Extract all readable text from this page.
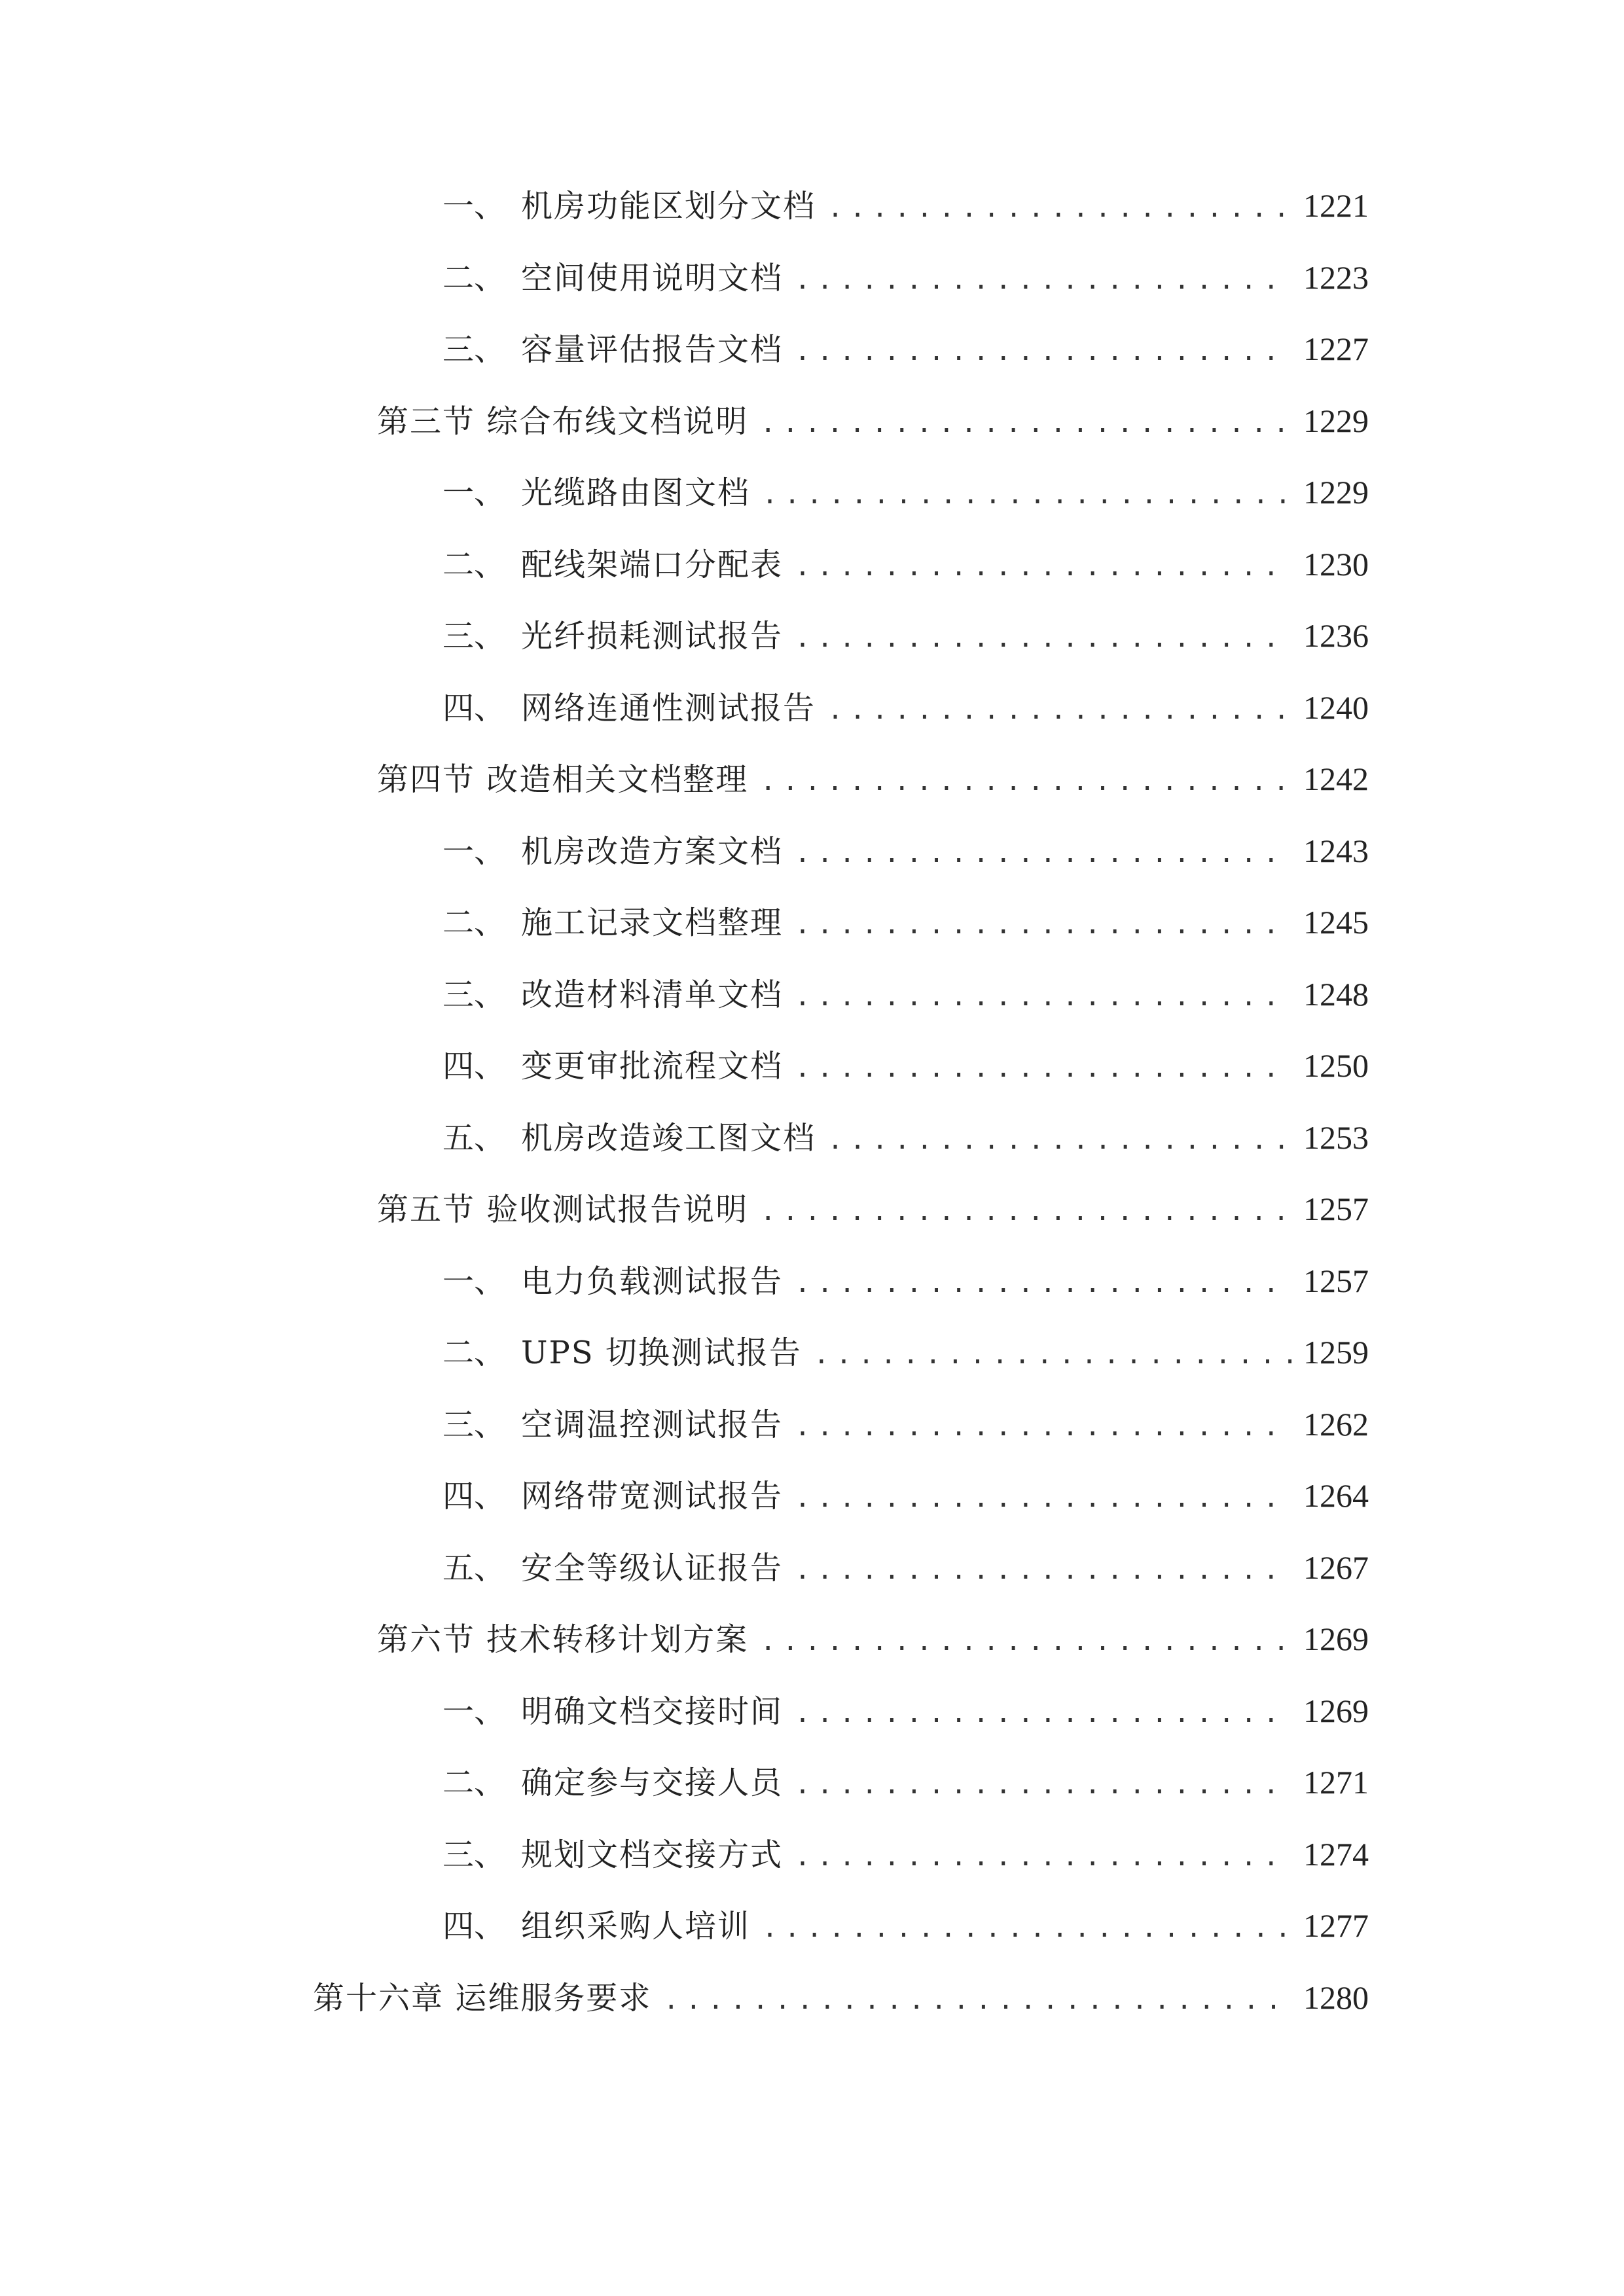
一、 机房功能区划分文档 .....	1221
二、 空间使用说明文档 .....	1223
三、 容量评估报告文档 .....	1227
第三节 综合布线文档说明 .....	1229
一、 光缆路由图文档 .....	1229
二、 配线架端口分配表 .....	1230
三、 光纤损耗测试报告 .....	1236
四、 网络连通性测试报告 .....	1240
第四节 改造相关文档整理 .....	1242
一、 机房改造方案文档 .....	1243
二、 施工记录文档整理 .....	1245
三、 改造材料清单文档 .....	1248
四、 变更审批流程文档 .....	1250
五、 机房改造竣工图文档 .....	1253
第五节 验收测试报告说明 .....	1257
一、 电力负载测试报告 .....	1257
二、 UPS 切换测试报告 .....	1259
三、 空调温控测试报告 .....	1262
四、 网络带宽测试报告 .....	1264
五、 安全等级认证报告 .....	1267
第六节 技术转移计划方案 .....	1269
一、 明确文档交接时间 .....	1269
二、 确定参与交接人员 .....	1271
三、 规划文档交接方式 .....	1274
四、 组织采购人培训 .....	1277
第十六章 运维服务要求 .....	1280
